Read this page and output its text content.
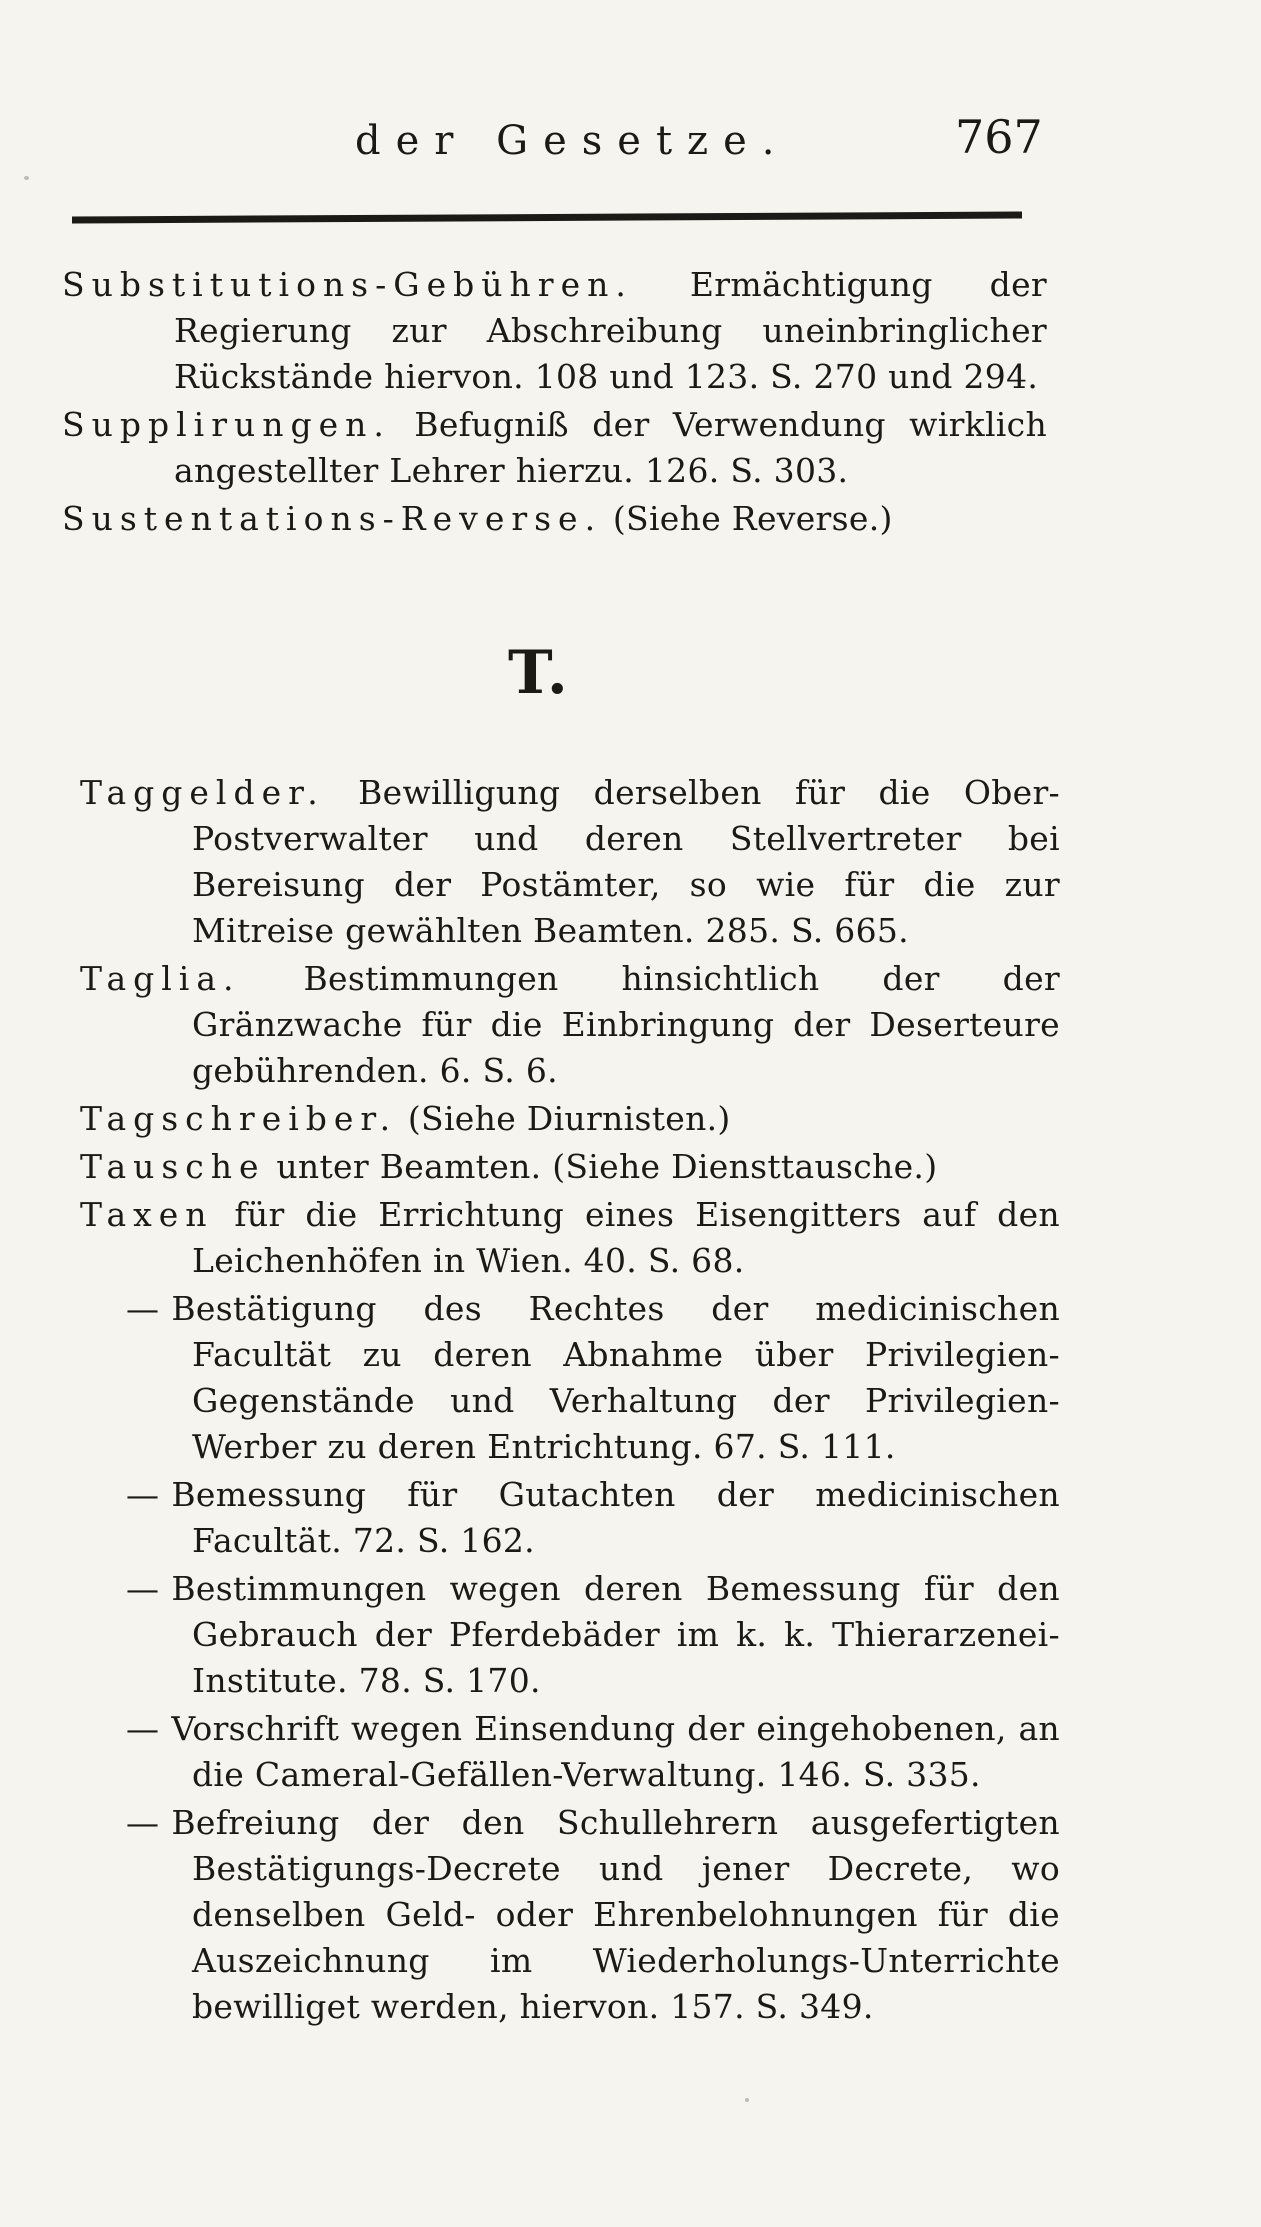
der Gesetze.	767

Substitutions-Gebühren. Ermächtigung der Regierung zur Abschreibung uneinbringlicher Rückstände hiervon. 108 und 123. S. 270 und 294.

Supplirungen. Befugniß der Verwendung wirklich angestellter Lehrer hierzu. 126. S. 303.

Sustentations-Reverse. (Siehe Reverse.)

T.

Taggelder. Bewilligung derselben für die Ober-Postverwalter und deren Stellvertreter bei Bereisung der Postämter, so wie für die zur Mitreise gewählten Beamten. 285. S. 665.

Taglia. Bestimmungen hinsichtlich der der Gränzwache für die Einbringung der Deserteure gebührenden. 6. S. 6.

Tagschreiber. (Siehe Diurnisten.)

Tausche unter Beamten. (Siehe Diensttausche.)

Taxen für die Errichtung eines Eisengitters auf den Leichenhöfen in Wien. 40. S. 68.

— Bestätigung des Rechtes der medicinischen Facultät zu deren Abnahme über Privilegien-Gegenstände und Verhaltung der Privilegien-Werber zu deren Entrichtung. 67. S. 111.

— Bemessung für Gutachten der medicinischen Facultät. 72. S. 162.

— Bestimmungen wegen deren Bemessung für den Gebrauch der Pferdebäder im k. k. Thierarzenei-Institute. 78. S. 170.

— Vorschrift wegen Einsendung der eingehobenen, an die Cameral-Gefällen-Verwaltung. 146. S. 335.

— Befreiung der den Schullehrern ausgefertigten Bestätigungs-Decrete und jener Decrete, wo denselben Geld- oder Ehrenbelohnungen für die Auszeichnung im Wiederholungs-Unterrichte bewilliget werden, hiervon. 157. S. 349.
